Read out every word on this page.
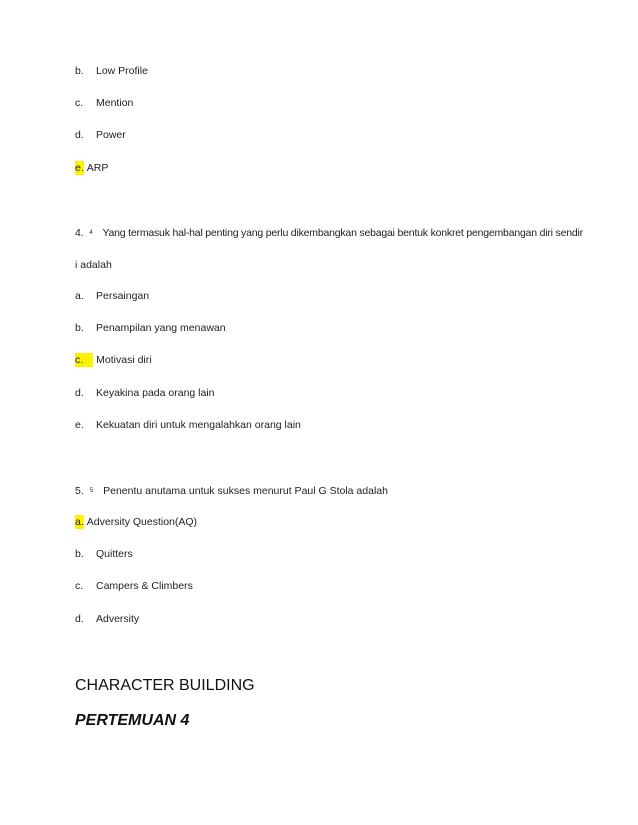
b. Low Profile
c. Mention
d. Power
e. ARP
4. 4 Yang termasuk hal-hal penting yang perlu dikembangkan sebagai bentuk konkret pengembangan diri sendir
i adalah
a. Persaingan
b. Penampilan yang menawan
c. Motivasi diri
d. Keyakina pada orang lain
e. Kekuatan diri untuk mengalahkan orang lain
5. 5 Penentu anutama untuk sukses menurut Paul G Stola adalah
a. Adversity Question(AQ)
b. Quitters
c. Campers & Climbers
d. Adversity
CHARACTER BUILDING
PERTEMUAN 4
